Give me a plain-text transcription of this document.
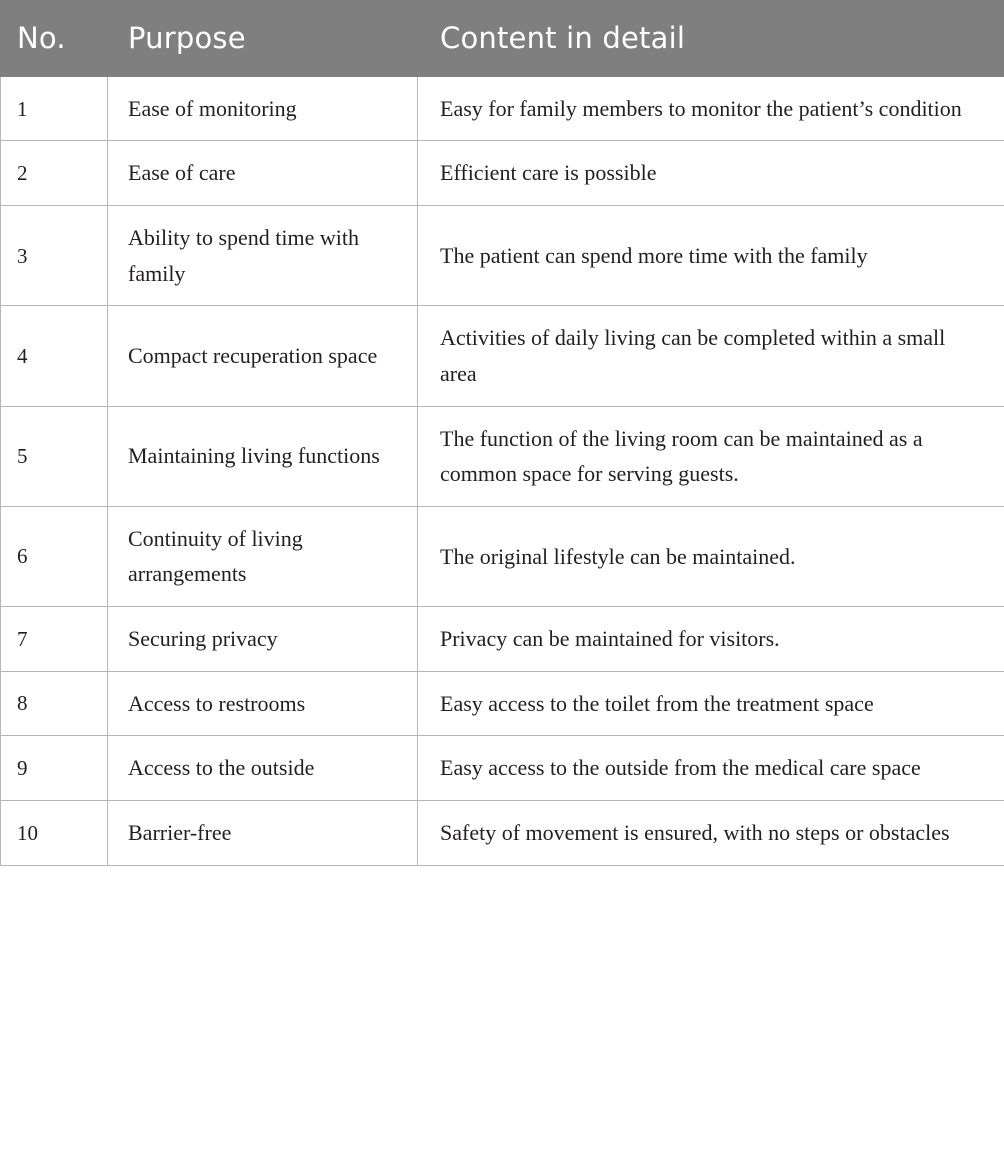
No.	Purpose	Content in detail
1	Ease of monitoring	Easy for family members to monitor the patient’s condition
2	Ease of care	Efficient care is possible
3	Ability to spend time with family	The patient can spend more time with the family
4	Compact recuperation space	Activities of daily living can be completed within a small area
5	Maintaining living functions	The function of the living room can be maintained as a common space for serving guests.
6	Continuity of living arrangements	The original lifestyle can be maintained.
7	Securing privacy	Privacy can be maintained for visitors.
8	Access to restrooms	Easy access to the toilet from the treatment space
9	Access to the outside	Easy access to the outside from the medical care space
10	Barrier-free	Safety of movement is ensured, with no steps or obstacles
